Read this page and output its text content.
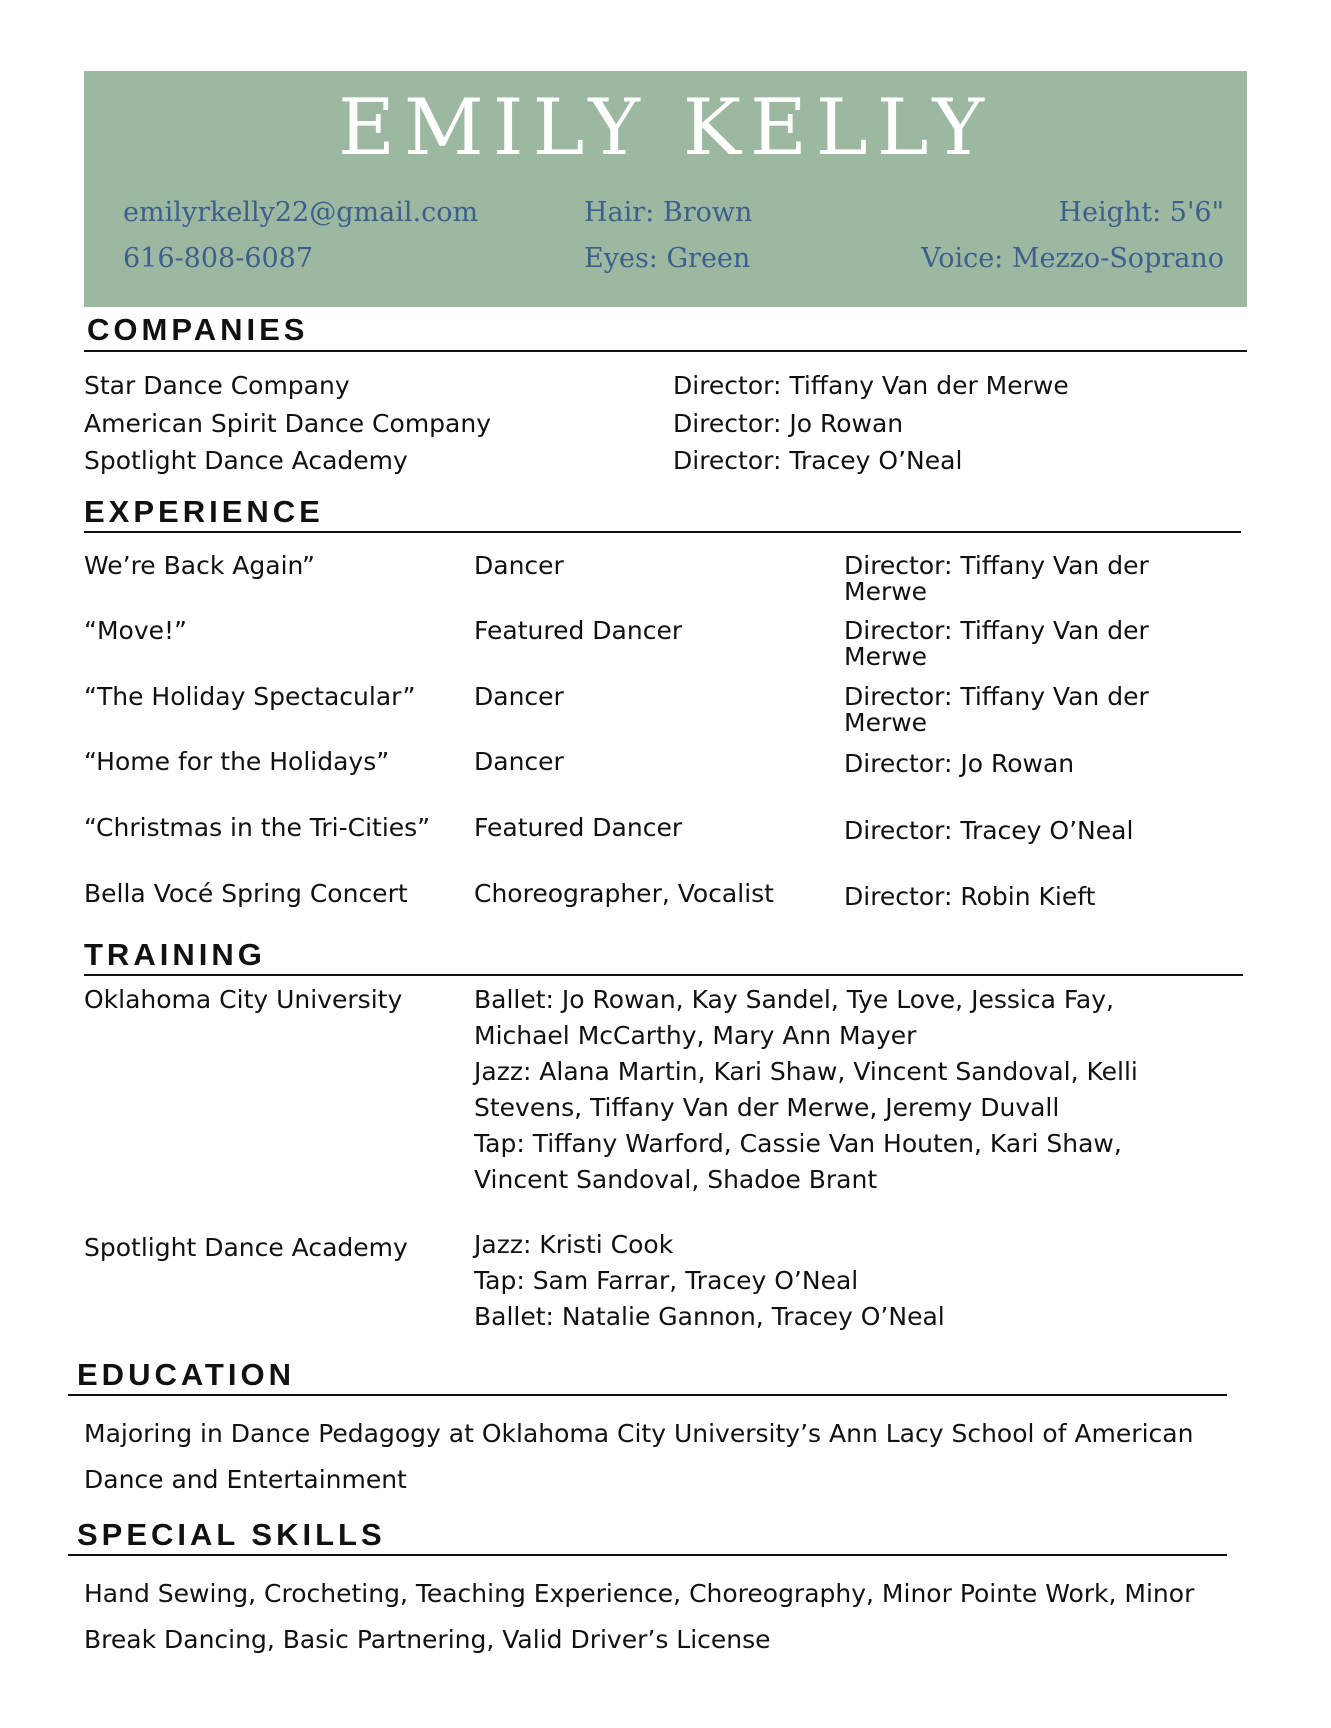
EMILY KELLY
emilyrkelly22@gmail.com
616-808-6087
Hair: Brown
Eyes: Green
Height: 5'6"
Voice: Mezzo-Soprano
COMPANIES
Star Dance Company	Director: Tiffany Van der Merwe
American Spirit Dance Company	Director: Jo Rowan
Spotlight Dance Academy	Director: Tracey O’Neal
EXPERIENCE
We’re Back Again”	Dancer	Director: Tiffany Van der Merwe
“Move!”	Featured Dancer	Director: Tiffany Van der Merwe
“The Holiday Spectacular” Dancer	Director: Tiffany Van der Merwe
“Home for the Holidays”	Dancer	Director: Jo Rowan
“Christmas in the Tri-Cities” Featured Dancer	Director: Tracey O’Neal
Bella Vocé Spring Concert	Choreographer, Vocalist	Director: Robin Kieft
TRAINING
Oklahoma City University	Ballet: Jo Rowan, Kay Sandel, Tye Love, Jessica Fay,
Michael McCarthy, Mary Ann Mayer
Jazz: Alana Martin, Kari Shaw, Vincent Sandoval, Kelli
Stevens, Tiffany Van der Merwe, Jeremy Duvall
Tap: Tiffany Warford, Cassie Van Houten, Kari Shaw,
Vincent Sandoval, Shadoe Brant
Spotlight Dance Academy	Jazz: Kristi Cook
Tap: Sam Farrar, Tracey O’Neal
Ballet: Natalie Gannon, Tracey O’Neal
EDUCATION
Majoring in Dance Pedagogy at Oklahoma City University’s Ann Lacy School of American
Dance and Entertainment
SPECIAL SKILLS
Hand Sewing, Crocheting, Teaching Experience, Choreography, Minor Pointe Work, Minor
Break Dancing, Basic Partnering, Valid Driver’s License
